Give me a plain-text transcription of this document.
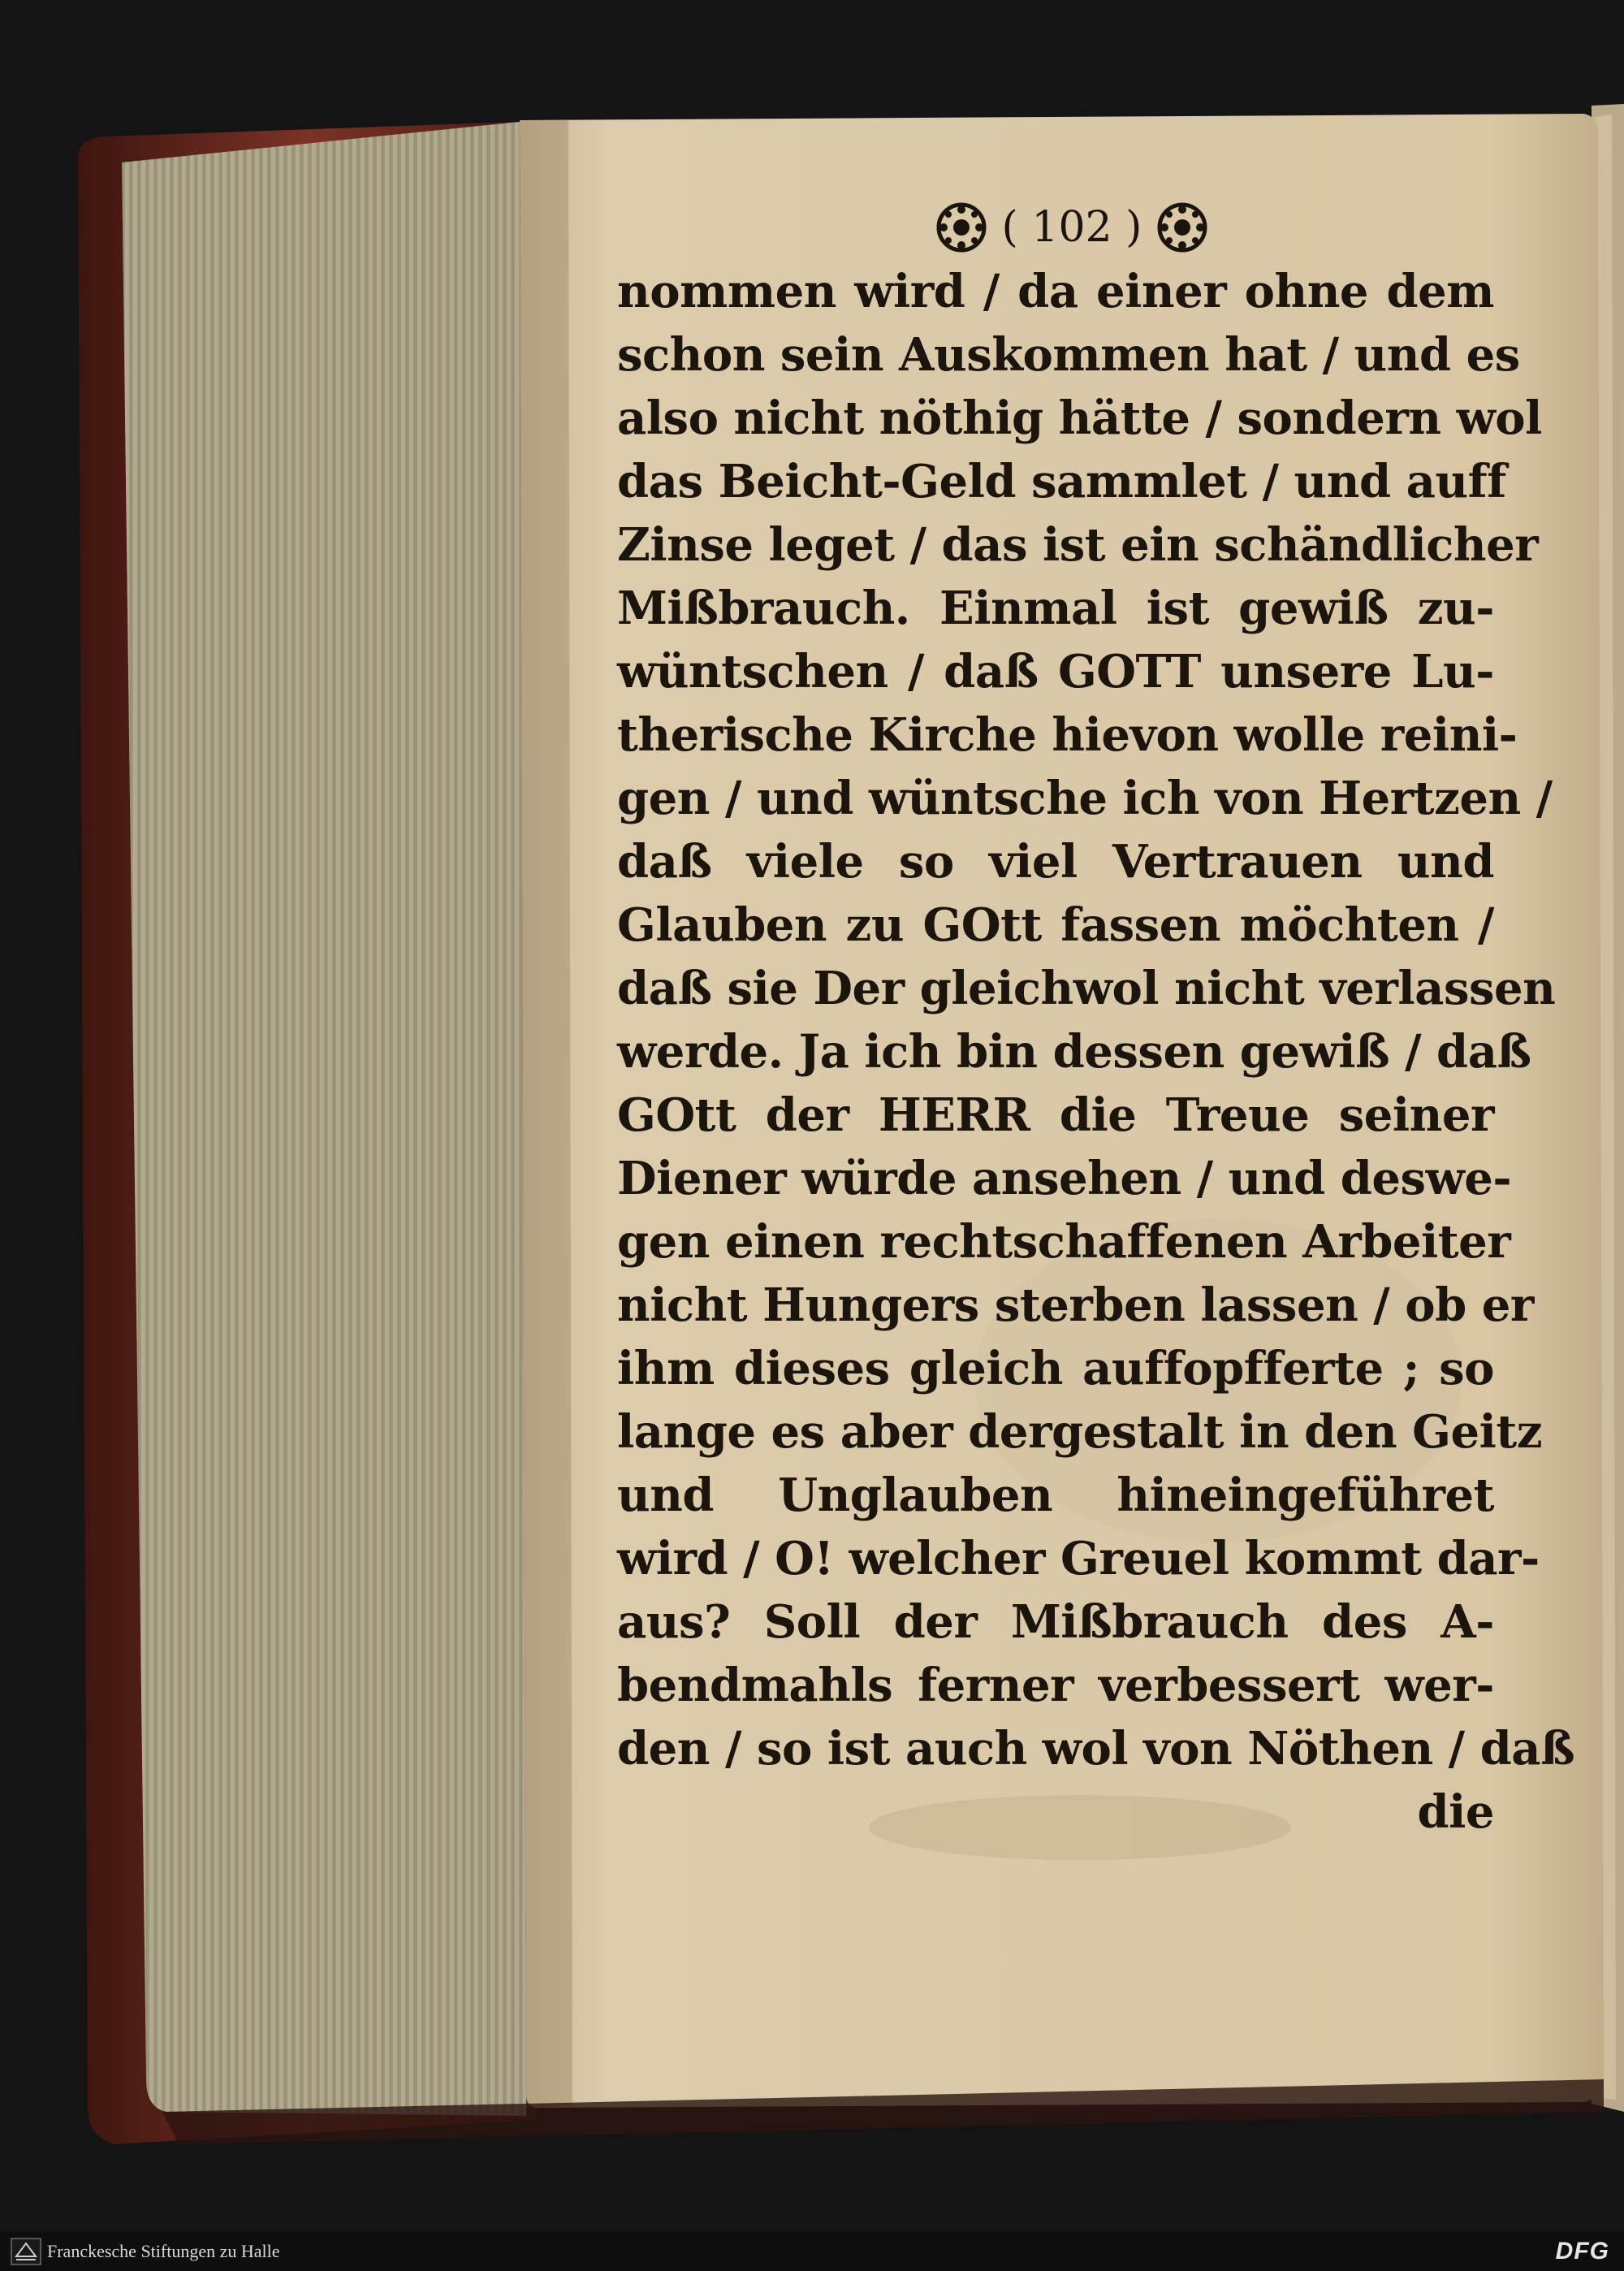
( 102 )
nommen wird / da einer ohne dem
schon sein Auskommen hat / und es
also nicht nöthig hätte / sondern wol
das Beicht-Geld sammlet / und auff
Zinse leget / das ist ein schändlicher
Mißbrauch. Einmal ist gewiß zu-
wüntschen / daß GOTT unsere Lu-
therische Kirche hievon wolle reini-
gen / und wüntsche ich von Hertzen /
daß viele so viel Vertrauen und
Glauben zu GOtt fassen möchten /
daß sie Der gleichwol nicht verlassen
werde. Ja ich bin dessen gewiß / daß
GOtt der HERR die Treue seiner
Diener würde ansehen / und deswe-
gen einen rechtschaffenen Arbeiter
nicht Hungers sterben lassen / ob er
ihm dieses gleich auffopfferte ; so
lange es aber dergestalt in den Geitz
und Unglauben hineingeführet
wird / O! welcher Greuel kommt dar-
aus? Soll der Mißbrauch des A-
bendmahls ferner verbessert wer-
den / so ist auch wol von Nöthen / daß
die
Franckesche Stiftungen zu Halle	DFG
